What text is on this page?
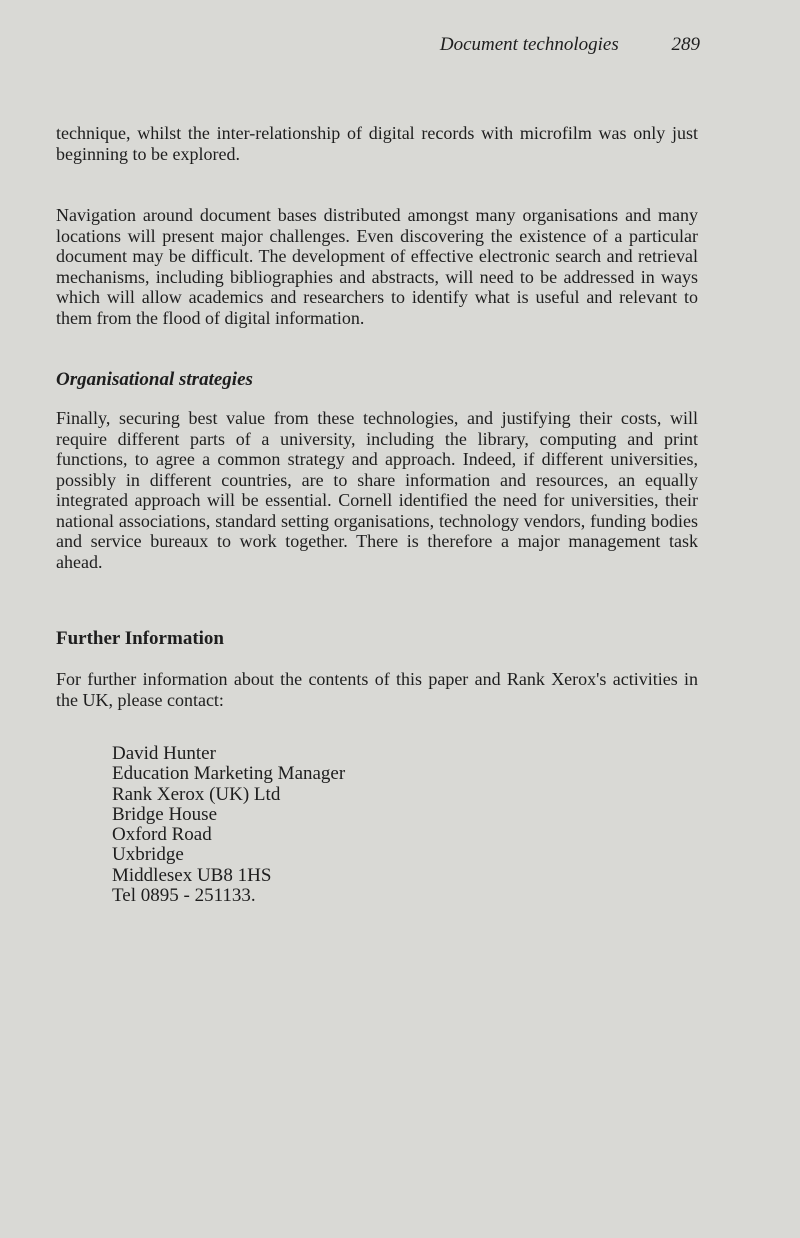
Document technologies	289

technique, whilst the inter-relationship of digital records with microfilm was only just beginning to be explored.

Navigation around document bases distributed amongst many organisations and many locations will present major challenges. Even discovering the existence of a particular document may be difficult. The development of effective electronic search and retrieval mechanisms, including bibliographies and abstracts, will need to be addressed in ways which will allow academics and researchers to identify what is useful and relevant to them from the flood of digital information.

Organisational strategies

Finally, securing best value from these technologies, and justifying their costs, will require different parts of a university, including the library, computing and print functions, to agree a common strategy and approach. Indeed, if different universities, possibly in different countries, are to share information and resources, an equally integrated approach will be essential. Cornell identified the need for universities, their national associations, standard setting organisations, technology vendors, funding bodies and service bureaux to work together. There is therefore a major management task ahead.

Further Information

For further information about the contents of this paper and Rank Xerox's activities in the UK, please contact:

David Hunter
Education Marketing Manager
Rank Xerox (UK) Ltd
Bridge House
Oxford Road
Uxbridge
Middlesex UB8 1HS
Tel 0895 - 251133.
